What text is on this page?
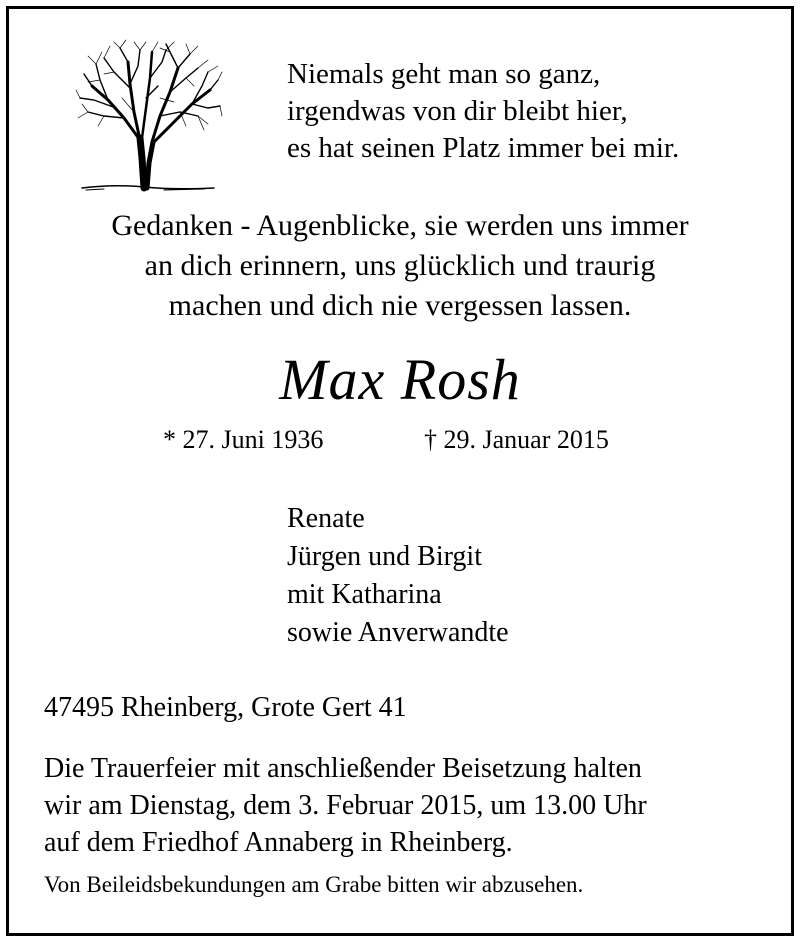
Niemals geht man so ganz,
irgendwas von dir bleibt hier,
es hat seinen Platz immer bei mir.
Gedanken - Augenblicke, sie werden uns immer
an dich erinnern, uns glücklich und traurig
machen und dich nie vergessen lassen.
Max Rosh
* 27. Juni 1936	† 29. Januar 2015
Renate
Jürgen und Birgit
mit Katharina
sowie Anverwandte
47495 Rheinberg, Grote Gert 41
Die Trauerfeier mit anschließender Beisetzung halten
wir am Dienstag, dem 3. Februar 2015, um 13.00 Uhr
auf dem Friedhof Annaberg in Rheinberg.
Von Beileidsbekundungen am Grabe bitten wir abzusehen.
